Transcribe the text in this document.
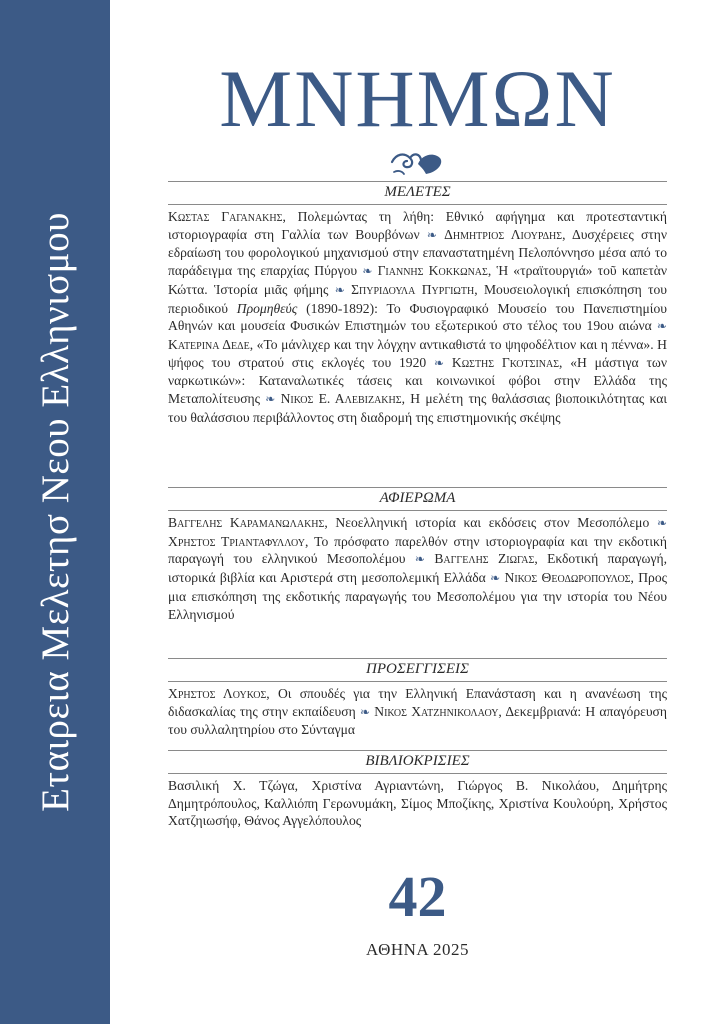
Εταιρεια Μελετησ Νεου Ελληνισμου
ΜΝΗΜΩΝ
ΜΕΛΕΤΕΣ
Κωστασ Γαγανακησ, Πολεμώντας τη λήθη: Εθνικό αφήγημα και προτεσταντική ιστοριογραφία στη Γαλλία των Βουρβόνων ❧ Δημητριοσ Λιουρδησ, Δυσχέρειες στην εδραίωση του φορολογικού μηχανισμού στην επαναστατημένη Πελοπόννησο μέσα από το παράδειγμα της επαρχίας Πύργου ❧ Γιαννησ Κοκκωνασ, Ἡ «τραϊτουργιά» τοῦ καπετὰν Κώττα. Ἱστορία μιᾶς φήμης ❧ Σπυριδουλα Πυργιωτη, Μουσειολογική επισκόπηση του περιοδικού Προμηθεύς (1890-1892): Το Φυσιογραφικό Μουσείο του Πανεπιστημίου Αθηνών και μουσεία Φυσικών Επιστημών του εξωτερικού στο τέλος του 19ου αιώνα ❧ Κατερινα Δεδε, «Το μάνλιχερ και την λόγχην αντικαθιστά το ψηφοδέλτιον και η πέννα». Η ψήφος του στρατού στις εκλογές του 1920 ❧ Κωστησ Γκοτσινασ, «Η μάστιγα των ναρκωτικών»: Καταναλωτικές τάσεις και κοινωνικοί φόβοι στην Ελλάδα της Μεταπολίτευσης ❧ Νικοσ Ε. Αλεβιζακησ, Η μελέτη της θαλάσσιας βιοποικιλότητας και του θαλάσσιου περιβάλλοντος στη διαδρομή της επιστημονικής σκέψης
ΑΦΙΕΡΩΜΑ
Βαγγελησ Καραμανωλακησ, Νεοελληνική ιστορία και εκδόσεις στον Μεσοπόλεμο ❧ Χρηστοσ Τριανταφυλλου, Το πρόσφατο παρελθόν στην ιστοριογραφία και την εκδοτική παραγωγή του ελληνικού Μεσοπολέμου ❧ Βαγγελησ Ζιωγασ, Εκδοτική παραγωγή, ιστορικά βιβλία και Αριστερά στη μεσοπολεμική Ελλάδα ❧ Νικοσ Θεοδωροπουλοσ, Προς μια επισκόπηση της εκδοτικής παραγωγής του Μεσοπολέμου για την ιστορία του Νέου Ελληνισμού
ΠΡΟΣΕΓΓΙΣΕΙΣ
Χρηστοσ Λουκοσ, Οι σπουδές για την Ελληνική Επανάσταση και η ανανέωση της διδασκαλίας της στην εκπαίδευση ❧ Νικοσ Χατζηνικολαου, Δεκεμβριανά: Η απαγόρευση του συλλαλητηρίου στο Σύνταγμα
ΒΙΒΛΙΟΚΡΙΣΙΕΣ
Βασιλική Χ. Τζώγα, Χριστίνα Αγριαντώνη, Γιώργος Β. Νικολάου, Δημήτρης Δημητρόπουλος, Καλλιόπη Γερωνυμάκη, Σίμος Μποζίκης, Χριστίνα Κουλούρη, Χρήστος Χατζηιωσήφ, Θάνος Αγγελόπουλος
42
ΑΘΗΝΑ 2025
